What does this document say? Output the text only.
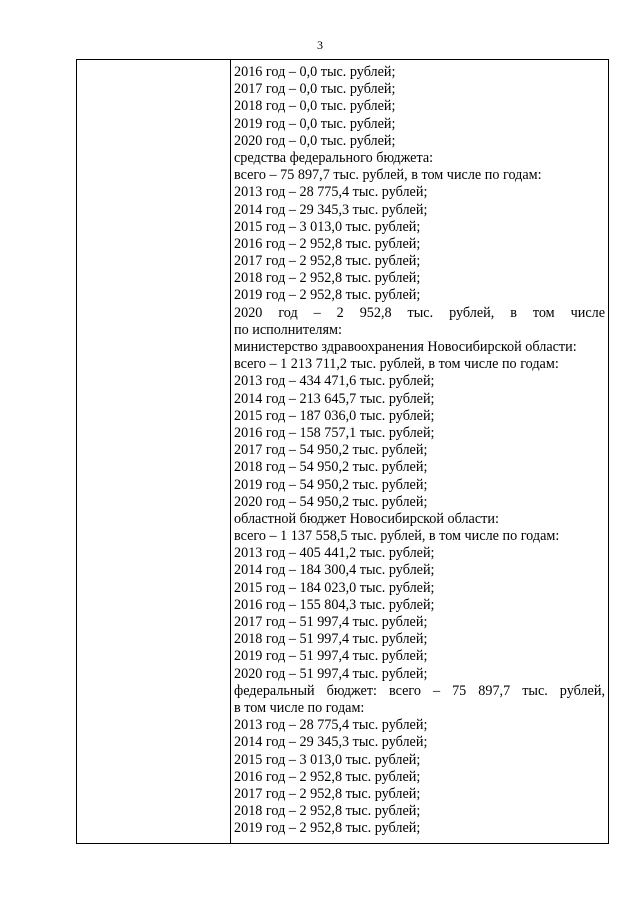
3
2016 год – 0,0 тыс. рублей;
2017 год – 0,0 тыс. рублей;
2018 год – 0,0 тыс. рублей;
2019 год – 0,0 тыс. рублей;
2020 год – 0,0 тыс. рублей;
средства федерального бюджета:
всего – 75 897,7 тыс. рублей, в том числе по годам:
2013 год – 28 775,4 тыс. рублей;
2014 год – 29 345,3 тыс. рублей;
2015 год – 3 013,0 тыс. рублей;
2016 год – 2 952,8 тыс. рублей;
2017 год – 2 952,8 тыс. рублей;
2018 год – 2 952,8 тыс. рублей;
2019 год – 2 952,8 тыс. рублей;
2020 год – 2 952,8 тыс. рублей, в том числе
по исполнителям:
министерство здравоохранения Новосибирской области:
всего – 1 213 711,2 тыс. рублей, в том числе по годам:
2013 год – 434 471,6 тыс. рублей;
2014 год – 213 645,7 тыс. рублей;
2015 год – 187 036,0 тыс. рублей;
2016 год – 158 757,1 тыс. рублей;
2017 год – 54 950,2 тыс. рублей;
2018 год – 54 950,2 тыс. рублей;
2019 год – 54 950,2 тыс. рублей;
2020 год – 54 950,2 тыс. рублей;
областной бюджет Новосибирской области:
всего – 1 137 558,5 тыс. рублей, в том числе по годам:
2013 год – 405 441,2 тыс. рублей;
2014 год – 184 300,4 тыс. рублей;
2015 год – 184 023,0 тыс. рублей;
2016 год – 155 804,3 тыс. рублей;
2017 год – 51 997,4 тыс. рублей;
2018 год – 51 997,4 тыс. рублей;
2019 год – 51 997,4 тыс. рублей;
2020 год – 51 997,4 тыс. рублей;
федеральный бюджет: всего – 75 897,7 тыс. рублей,
в том числе по годам:
2013 год – 28 775,4 тыс. рублей;
2014 год – 29 345,3 тыс. рублей;
2015 год – 3 013,0 тыс. рублей;
2016 год – 2 952,8 тыс. рублей;
2017 год – 2 952,8 тыс. рублей;
2018 год – 2 952,8 тыс. рублей;
2019 год – 2 952,8 тыс. рублей;
